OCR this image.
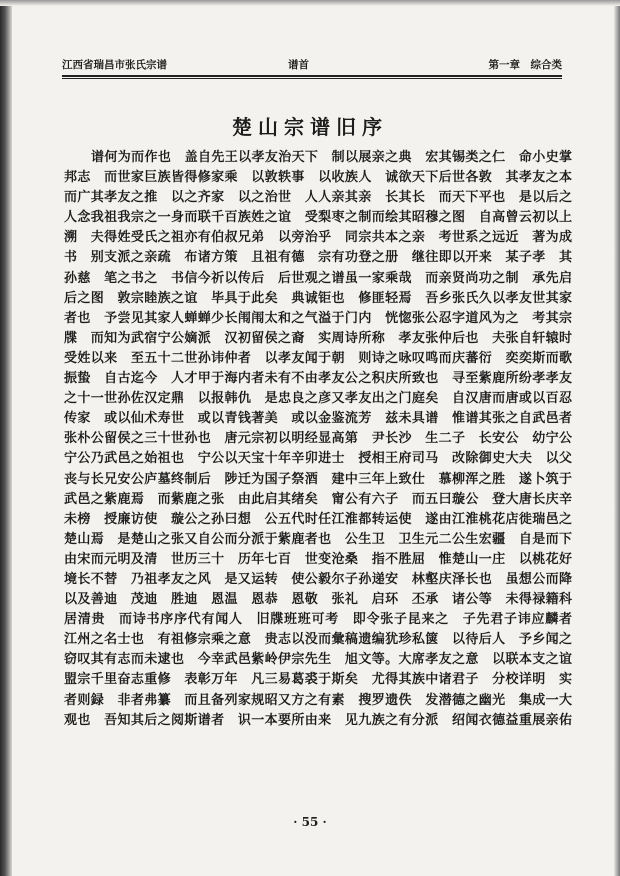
江西省瑞昌市张氏宗谱	谱首	第一章　综合类
楚山宗谱旧序
谱何为而作也　盖自先王以孝友治天下　制以展亲之典　宏其锡类之仁　命小史掌
邦志　而世家巨族皆得修家乘　以敦轶事　以收族人　诚欲天下后世各敦　其孝友之本
而广其孝友之推　以之齐家　以之治世　人人亲其亲　长其长　而天下平也　是以后之
人念我祖我宗之一身而联千百族姓之谊　受梨枣之制而绘其昭穆之图　自高曾云初以上
溯　夫得姓受氏之祖亦有伯叔兄弟　以旁治乎　同宗共本之亲　考世系之远近　著为成
书　别支派之亲疏　布诸方策　且祖有德　宗有功登之册　继往即以开来　某子孝　其
孙慈　笔之书之　书信今祈以传后　后世观之谱虽一家乘哉　而亲贤尚功之制　承先启
后之图　敦宗睦族之谊　毕具于此矣　典诚钜也　修匪轻焉　吾乡张氏久以孝友世其家
者也　予尝见其家人蝉蝉少长闱闱太和之气溢于门内　恍惚张公忍字道风为之　考其宗
牒　而知为武宿宁公嫡派　汉初留侯之裔　实周诗所称　孝友张仲后也　夫张自轩辕时
受姓以来　至五十二世孙讳仲者　以孝友闻于朝　则诗之咏叹鸣而庆蕃衍　奕奕斯而歌
振蛰　自古迄今　人才甲于海内者未有不由孝友公之积庆所致也　寻至紫鹿所纷孝孝友
之十一世孙佐汉定鼎　以报韩仇　是忠良之彦又孝友出之门庭矣　自汉唐而唐或以百忍
传家　或以仙术寿世　或以青钱著美　或以金鉴流芳　兹未具谱　惟谱其张之自武邑者
张朴公留侯之三十世孙也　唐元宗初以明经显高第　尹长沙　生二子　长安公　幼宁公
宁公乃武邑之始祖也　宁公以天宝十年辛卯进士　授相王府司马　改除御史大夫　以父
丧与长兄安公庐墓终制后　陟迁为国子祭酒　建中三年上致仕　慕柳浑之胜　遂卜筑于
武邑之紫鹿焉　而紫鹿之张　由此启其绪矣　甯公有六子　而五曰璇公　登大唐长庆辛
未榜　授廉访使　璇公之孙曰想　公五代时任江淮都转运使　遂由江淮桃花店徙瑞邑之
楚山焉　是楚山之张又自公而分派于紫鹿者也　公生卫　卫生元二公生宏疆　自是而下
由宋而元明及清　世历三十　历年七百　世变沧桑　指不胜屈　惟楚山一庄　以桃花好
境长不替　乃祖孝友之风　是又运转　使公毅尔子孙递安　林壑庆泽长也　虽想公而降
以及善迪　茂迪　胜迪　恩温　恩恭　恩敬　张礼　启环　丕承　诸公等　未得禄籍科
居清贵　而诗书序序代有闻人　旧牒班班可考　即令张子昆来之　子先君子讳应麟者
江州之名士也　有祖修宗乘之意　贵志以没而彙稿遗编犹珍私箧　以待后人　予乡闻之
窃叹其有志而未逮也　今幸武邑紫岭伊宗先生　旭文等。大席孝友之意　以联本支之谊
盟宗千里奋志重修　表彰万年　凡三易葛裘于斯矣　尤得其族中诸君子　分校详明　实
者则録　非者弗纂　而且备列家规昭又方之有素　搜罗遗佚　发潜德之幽光　集成一大
观也　吾知其后之阅斯谱者　识一本要所由来　见九族之有分派　绍闻衣德益重展亲佑
· 55 ·
